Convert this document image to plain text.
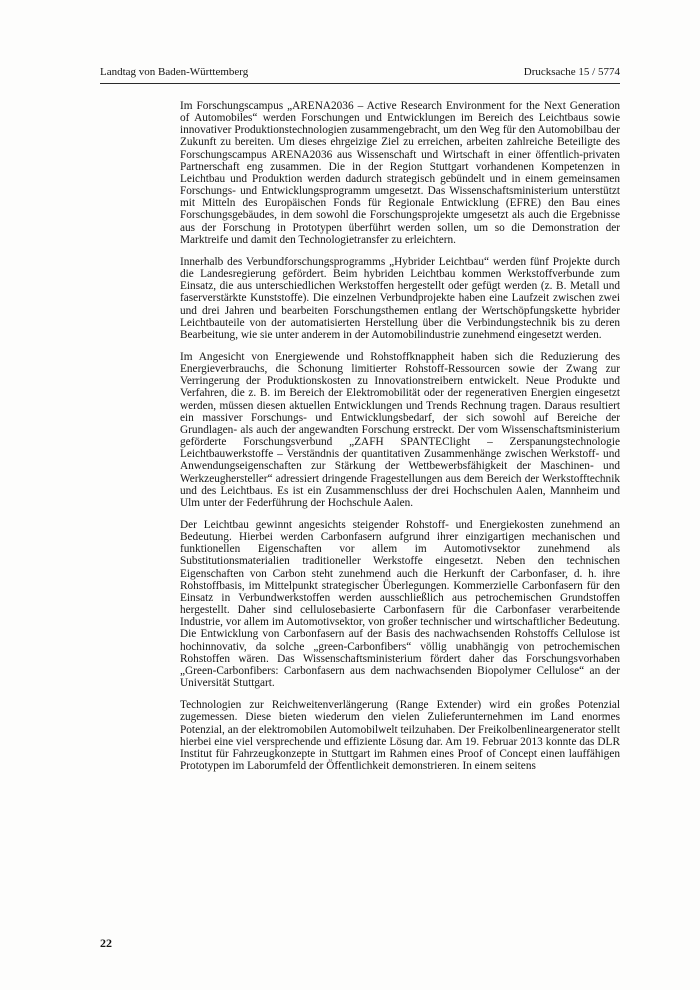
Landtag von Baden-Württemberg	Drucksache 15 / 5774

Im Forschungscampus „ARENA2036 – Active Research Environment for the Next Generation of Automobiles“ werden Forschungen und Entwicklungen im Bereich des Leichtbaus sowie innovativer Produktionstechnologien zusammengebracht, um den Weg für den Automobilbau der Zukunft zu bereiten. Um dieses ehrgeizige Ziel zu erreichen, arbeiten zahlreiche Beteiligte des Forschungscampus ARENA2036 aus Wissenschaft und Wirtschaft in einer öffentlich-privaten Partnerschaft eng zusammen. Die in der Region Stuttgart vorhandenen Kompetenzen in Leichtbau und Produktion werden dadurch strategisch gebündelt und in einem gemeinsamen Forschungs- und Entwicklungsprogramm umgesetzt. Das Wissenschaftsministerium unterstützt mit Mitteln des Europäischen Fonds für Regionale Entwicklung (EFRE) den Bau eines Forschungsgebäudes, in dem sowohl die Forschungsprojekte umgesetzt als auch die Ergebnisse aus der Forschung in Prototypen überführt werden sollen, um so die Demonstration der Marktreife und damit den Technologietransfer zu erleichtern.

Innerhalb des Verbundforschungsprogramms „Hybrider Leichtbau“ werden fünf Projekte durch die Landesregierung gefördert. Beim hybriden Leichtbau kommen Werkstoffverbunde zum Einsatz, die aus unterschiedlichen Werkstoffen hergestellt oder gefügt werden (z. B. Metall und faserverstärkte Kunststoffe). Die einzelnen Verbundprojekte haben eine Laufzeit zwischen zwei und drei Jahren und bearbeiten Forschungsthemen entlang der Wertschöpfungskette hybrider Leichtbauteile von der automatisierten Herstellung über die Verbindungstechnik bis zu deren Bearbeitung, wie sie unter anderem in der Automobilindustrie zunehmend eingesetzt werden.

Im Angesicht von Energiewende und Rohstoffknappheit haben sich die Reduzierung des Energieverbrauchs, die Schonung limitierter Rohstoff-Ressourcen sowie der Zwang zur Verringerung der Produktionskosten zu Innovationstreibern entwickelt. Neue Produkte und Verfahren, die z. B. im Bereich der Elektromobilität oder der regenerativen Energien eingesetzt werden, müssen diesen aktuellen Entwicklungen und Trends Rechnung tragen. Daraus resultiert ein massiver Forschungs- und Entwicklungsbedarf, der sich sowohl auf Bereiche der Grundlagen- als auch der angewandten Forschung erstreckt. Der vom Wissenschaftsministerium geförderte Forschungsverbund „ZAFH SPANTEClight – Zerspanungstechnologie Leichtbauwerkstoffe – Verständnis der quantitativen Zusammenhänge zwischen Werkstoff- und Anwendungseigenschaften zur Stärkung der Wettbewerbsfähigkeit der Maschinen- und Werkzeughersteller“ adressiert dringende Fragestellungen aus dem Bereich der Werkstofftechnik und des Leichtbaus. Es ist ein Zusammenschluss der drei Hochschulen Aalen, Mannheim und Ulm unter der Federführung der Hochschule Aalen.

Der Leichtbau gewinnt angesichts steigender Rohstoff- und Energiekosten zunehmend an Bedeutung. Hierbei werden Carbonfasern aufgrund ihrer einzigartigen mechanischen und funktionellen Eigenschaften vor allem im Automotivsektor zunehmend als Substitutionsmaterialien traditioneller Werkstoffe eingesetzt. Neben den technischen Eigenschaften von Carbon steht zunehmend auch die Herkunft der Carbonfaser, d. h. ihre Rohstoffbasis, im Mittelpunkt strategischer Überlegungen. Kommerzielle Carbonfasern für den Einsatz in Verbundwerkstoffen werden ausschließlich aus petrochemischen Grundstoffen hergestellt. Daher sind cellulosebasierte Carbonfasern für die Carbonfaser verarbeitende Industrie, vor allem im Automotivsektor, von großer technischer und wirtschaftlicher Bedeutung. Die Entwicklung von Carbonfasern auf der Basis des nachwachsenden Rohstoffs Cellulose ist hochinnovativ, da solche „green-Carbonfibers“ völlig unabhängig von petrochemischen Rohstoffen wären. Das Wissenschaftsministerium fördert daher das Forschungsvorhaben „Green-Carbonfibers: Carbonfasern aus dem nachwachsenden Biopolymer Cellulose“ an der Universität Stuttgart.

Technologien zur Reichweitenverlängerung (Range Extender) wird ein großes Potenzial zugemessen. Diese bieten wiederum den vielen Zulieferunternehmen im Land enormes Potenzial, an der elektromobilen Automobilwelt teilzuhaben. Der Freikolbenlineargenerator stellt hierbei eine viel versprechende und effiziente Lösung dar. Am 19. Februar 2013 konnte das DLR Institut für Fahrzeugkonzepte in Stuttgart im Rahmen eines Proof of Concept einen lauffähigen Prototypen im Laborumfeld der Öffentlichkeit demonstrieren. In einem seitens

22
